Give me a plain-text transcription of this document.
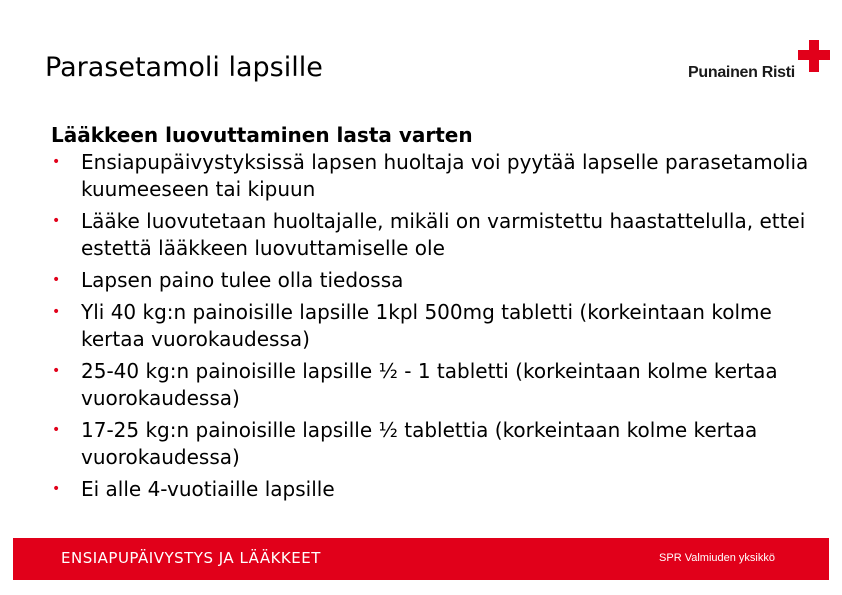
Parasetamoli lapsille	Punainen Risti
Lääkkeen luovuttaminen lasta varten
• Ensiapupäivystyksissä lapsen huoltaja voi pyytää lapselle parasetamolia kuumeeseen tai kipuun
• Lääke luovutetaan huoltajalle, mikäli on varmistettu haastattelulla, ettei estettä lääkkeen luovuttamiselle ole
• Lapsen paino tulee olla tiedossa
• Yli 40 kg:n painoisille lapsille 1kpl 500mg tabletti (korkeintaan kolme kertaa vuorokaudessa)
• 25-40 kg:n painoisille lapsille ½ - 1 tabletti (korkeintaan kolme kertaa vuorokaudessa)
• 17-25 kg:n painoisille lapsille ½ tablettia (korkeintaan kolme kertaa vuorokaudessa)
• Ei alle 4-vuotiaille lapsille
ENSIAPUPÄIVYSTYS JA LÄÄKKEET	SPR Valmiuden yksikkö
